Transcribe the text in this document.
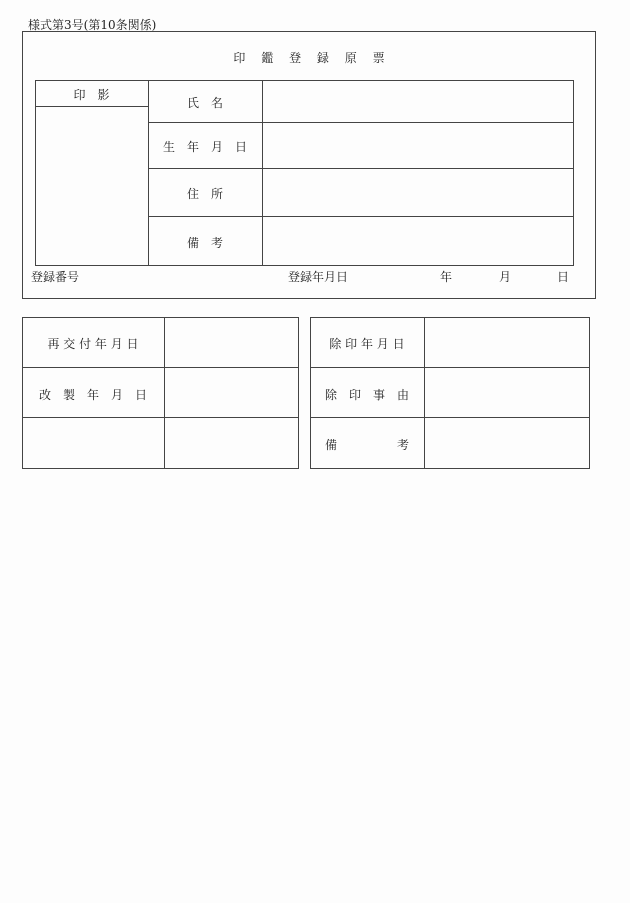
様式第3号(第10条関係)
印 鑑 登 録 原 票
印　影
氏　名
生　年　月　日
住　所
備　考
登録番号	登録年月日	年	月	日
再 交 付 年 月 日
改　製　年　月　日
除 印 年 月 日
除　印　事　由
備　　　　　考
